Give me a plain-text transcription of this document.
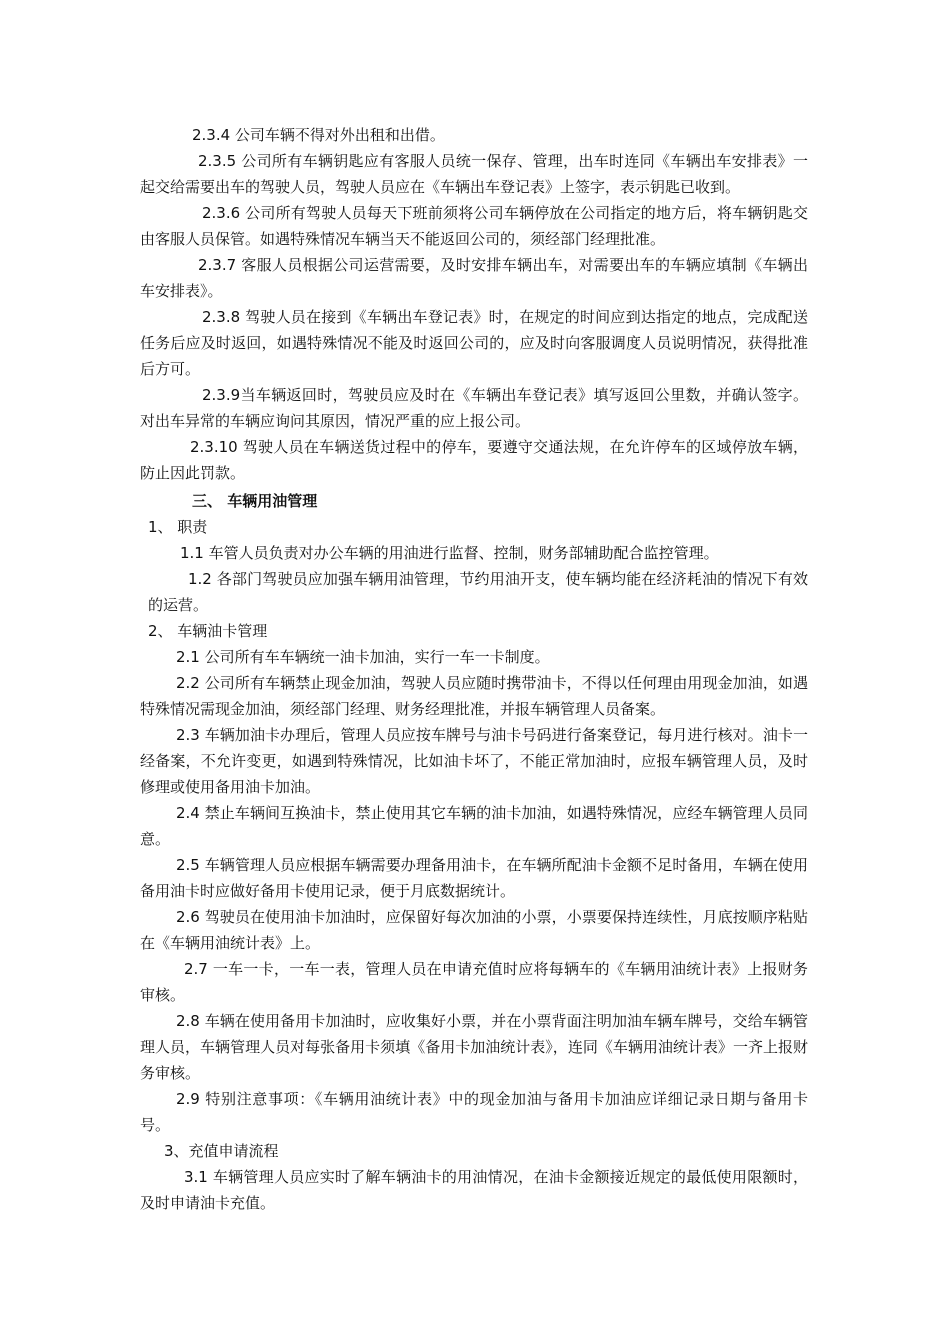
2.3.4 公司车辆不得对外出租和出借。

2.3.5 公司所有车辆钥匙应有客服人员统一保存、管理，出车时连同《车辆出车安排表》一起交给需要出车的驾驶人员，驾驶人员应在《车辆出车登记表》上签字，表示钥匙已收到。

2.3.6 公司所有驾驶人员每天下班前须将公司车辆停放在公司指定的地方后，将车辆钥匙交由客服人员保管。如遇特殊情况车辆当天不能返回公司的，须经部门经理批准。

2.3.7 客服人员根据公司运营需要，及时安排车辆出车，对需要出车的车辆应填制《车辆出车安排表》。

2.3.8 驾驶人员在接到《车辆出车登记表》时，在规定的时间应到达指定的地点，完成配送任务后应及时返回，如遇特殊情况不能及时返回公司的，应及时向客服调度人员说明情况，获得批准后方可。

2.3.9当车辆返回时，驾驶员应及时在《车辆出车登记表》填写返回公里数，并确认签字。对出车异常的车辆应询问其原因，情况严重的应上报公司。

2.3.10 驾驶人员在车辆送货过程中的停车，要遵守交通法规，在允许停车的区域停放车辆，防止因此罚款。

三、 车辆用油管理

1、 职责

1.1 车管人员负责对办公车辆的用油进行监督、控制，财务部辅助配合监控管理。

1.2 各部门驾驶员应加强车辆用油管理，节约用油开支，使车辆均能在经济耗油的情况下有效的运营。

2、 车辆油卡管理

2.1 公司所有车车辆统一油卡加油，实行一车一卡制度。

2.2 公司所有车辆禁止现金加油，驾驶人员应随时携带油卡，不得以任何理由用现金加油，如遇特殊情况需现金加油，须经部门经理、财务经理批准，并报车辆管理人员备案。

2.3 车辆加油卡办理后，管理人员应按车牌号与油卡号码进行备案登记，每月进行核对。油卡一经备案，不允许变更，如遇到特殊情况，比如油卡坏了，不能正常加油时，应报车辆管理人员，及时修理或使用备用油卡加油。

2.4 禁止车辆间互换油卡，禁止使用其它车辆的油卡加油，如遇特殊情况，应经车辆管理人员同意。

2.5 车辆管理人员应根据车辆需要办理备用油卡，在车辆所配油卡金额不足时备用，车辆在使用备用油卡时应做好备用卡使用记录，便于月底数据统计。

2.6 驾驶员在使用油卡加油时，应保留好每次加油的小票，小票要保持连续性，月底按顺序粘贴在《车辆用油统计表》上。

2.7 一车一卡，一车一表，管理人员在申请充值时应将每辆车的《车辆用油统计表》上报财务审核。

2.8 车辆在使用备用卡加油时，应收集好小票，并在小票背面注明加油车辆车牌号，交给车辆管理人员，车辆管理人员对每张备用卡须填《备用卡加油统计表》，连同《车辆用油统计表》一齐上报财务审核。

2.9 特别注意事项：《车辆用油统计表》中的现金加油与备用卡加油应详细记录日期与备用卡号。

3、充值申请流程

3.1 车辆管理人员应实时了解车辆油卡的用油情况，在油卡金额接近规定的最低使用限额时，及时申请油卡充值。
